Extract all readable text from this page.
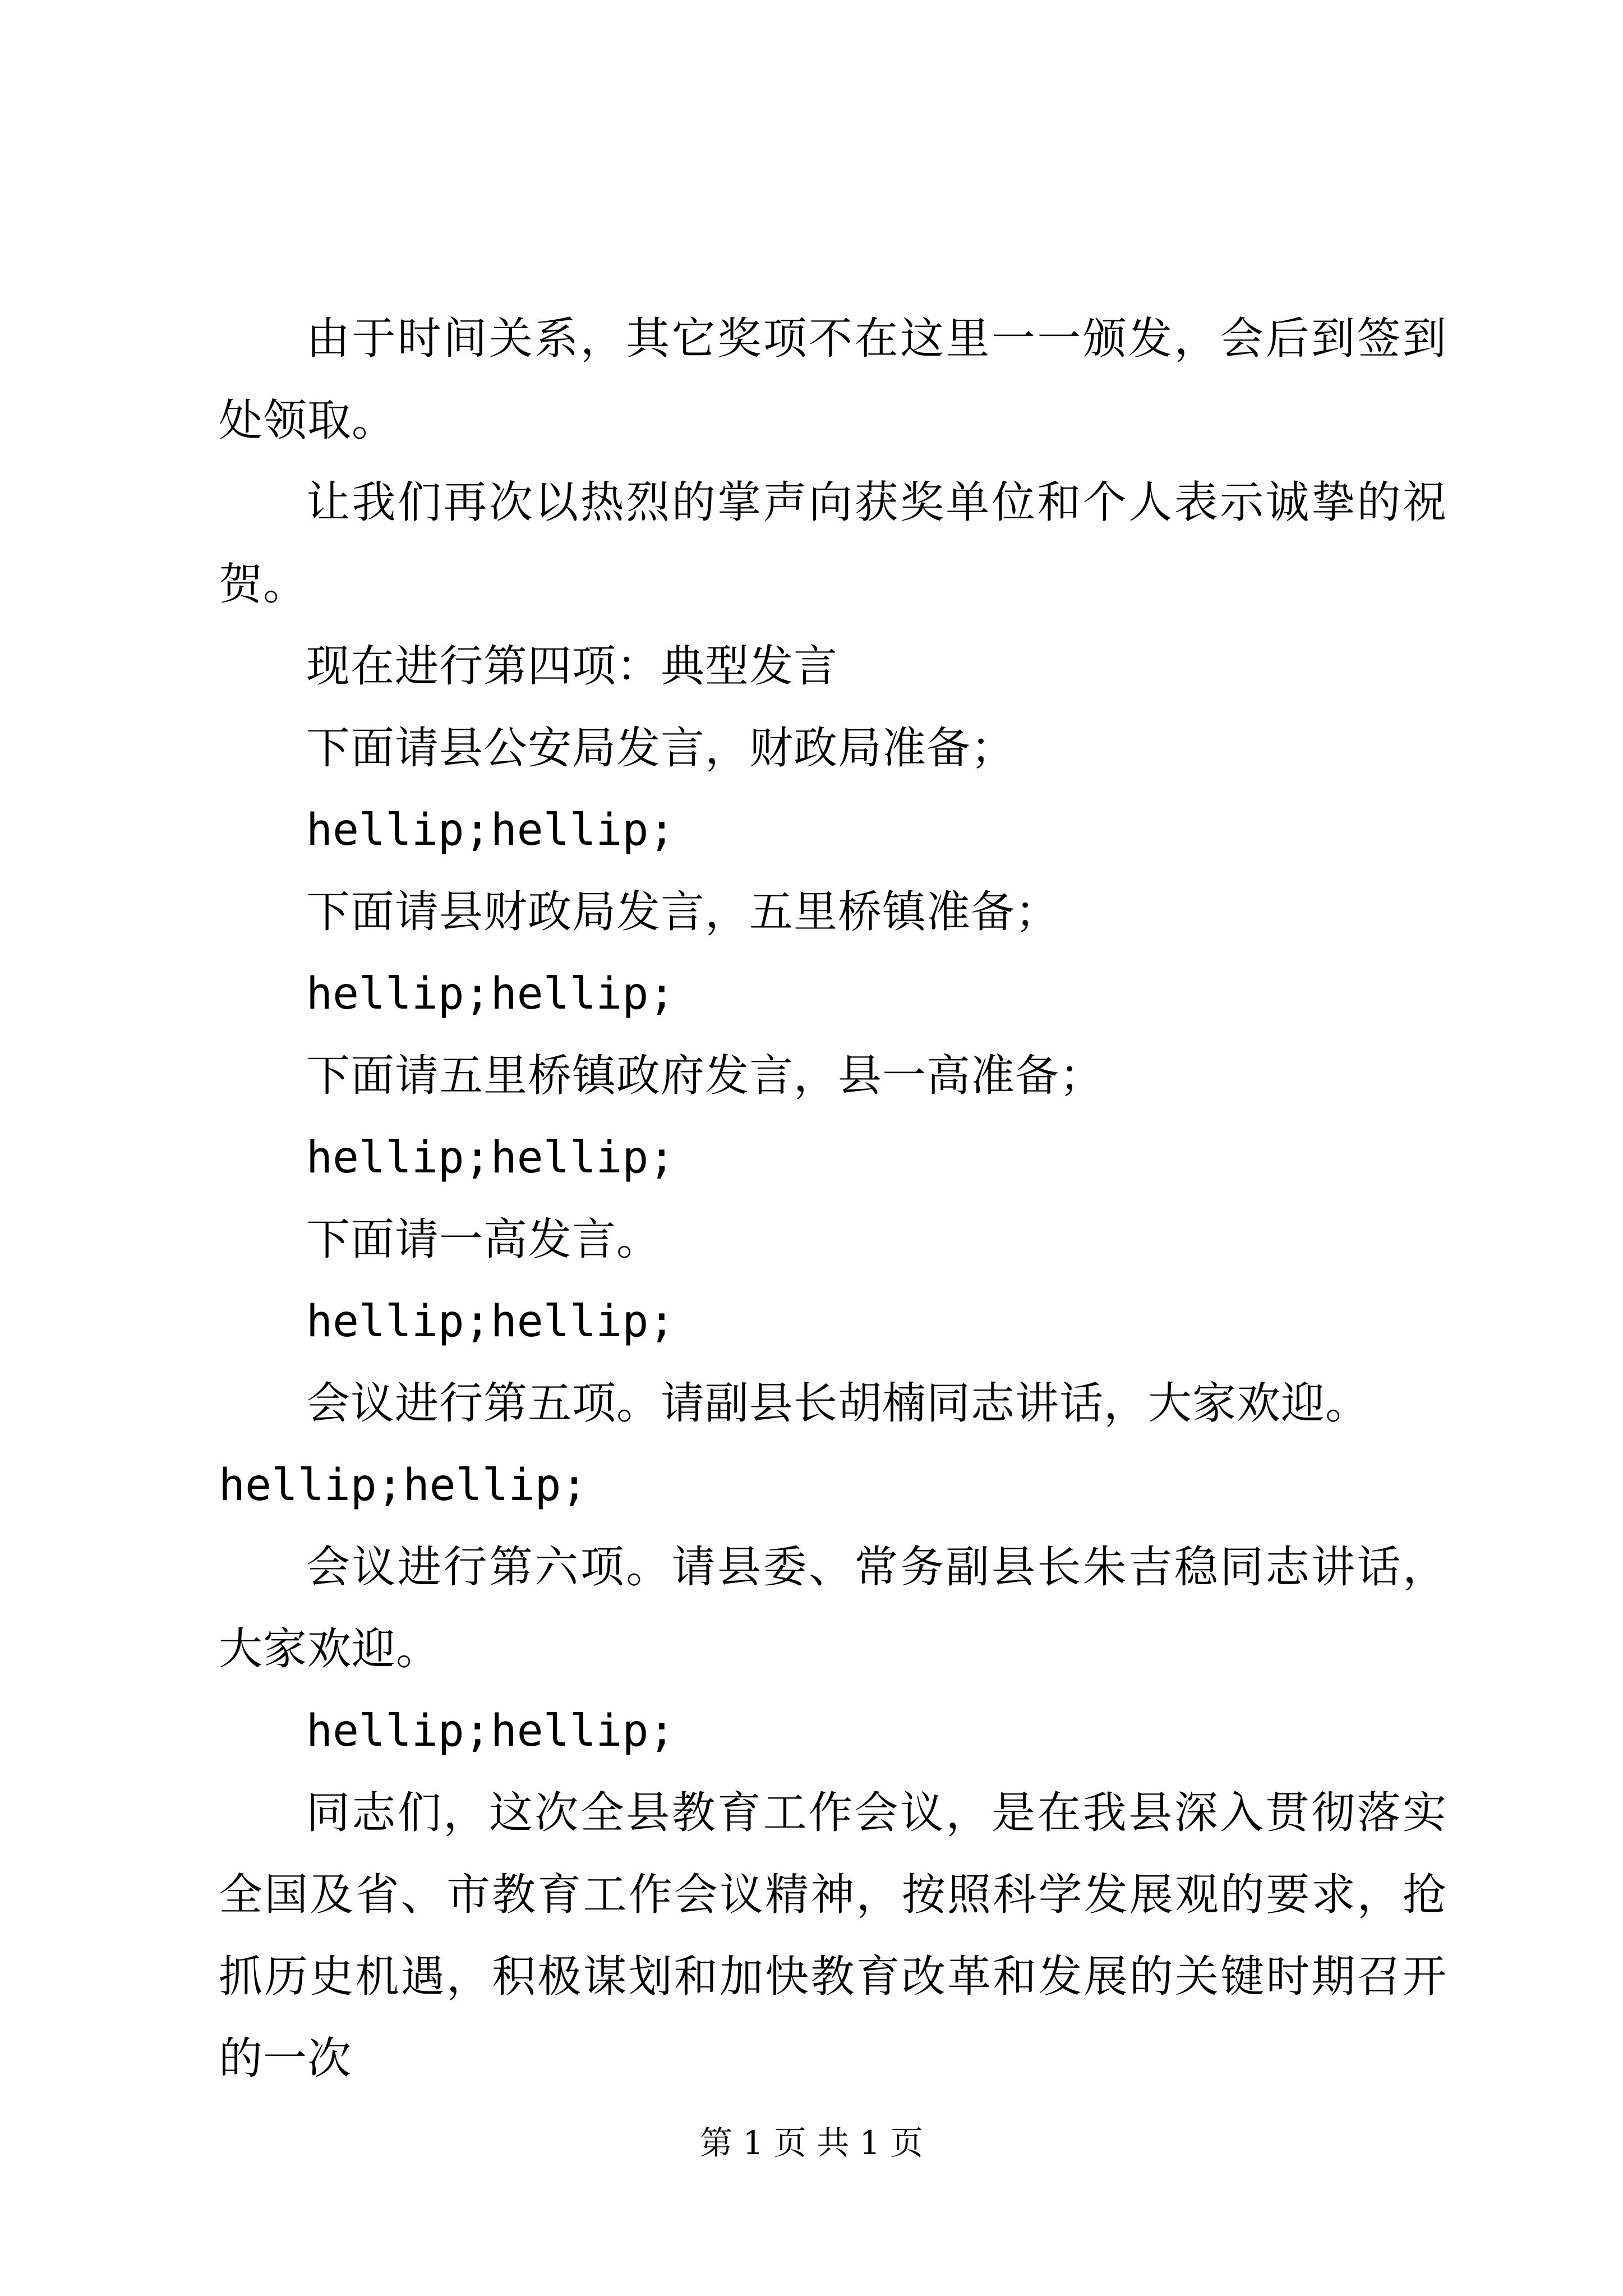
由于时间关系，其它奖项不在这里一一颁发，会后到签到处领取。

让我们再次以热烈的掌声向获奖单位和个人表示诚挚的祝贺。

现在进行第四项：典型发言

下面请县公安局发言，财政局准备；

hellip;hellip;

下面请县财政局发言，五里桥镇准备；

hellip;hellip;

下面请五里桥镇政府发言，县一高准备；

hellip;hellip;

下面请一高发言。

hellip;hellip;

会议进行第五项。请副县长胡楠同志讲话，大家欢迎。

hellip;hellip;

会议进行第六项。请县委、常务副县长朱吉稳同志讲话，大家欢迎。

hellip;hellip;

同志们，这次全县教育工作会议，是在我县深入贯彻落实全国及省、市教育工作会议精神，按照科学发展观的要求，抢抓历史机遇，积极谋划和加快教育改革和发展的关键时期召开的一次

第 1 页 共 1 页
